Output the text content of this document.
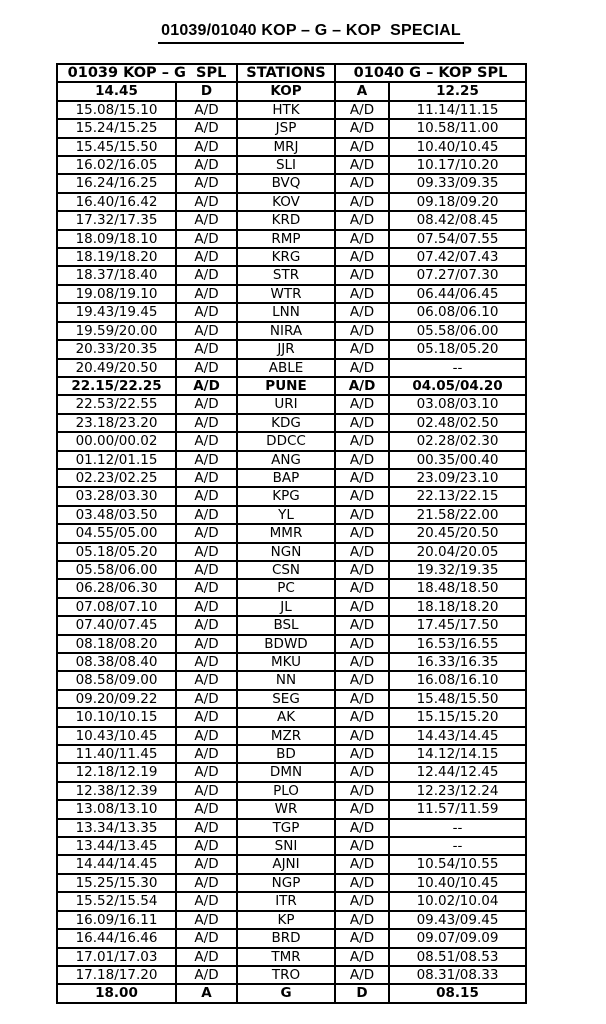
01039/01040 KOP – G – KOP  SPECIAL
01039 KOP – G  SPL		STATIONS	01040 G – KOP SPL	
14.45	D	KOP	A	12.25
15.08/15.10	A/D	HTK	A/D	11.14/11.15
15.24/15.25	A/D	JSP	A/D	10.58/11.00
15.45/15.50	A/D	MRJ	A/D	10.40/10.45
16.02/16.05	A/D	SLI	A/D	10.17/10.20
16.24/16.25	A/D	BVQ	A/D	09.33/09.35
16.40/16.42	A/D	KOV	A/D	09.18/09.20
17.32/17.35	A/D	KRD	A/D	08.42/08.45
18.09/18.10	A/D	RMP	A/D	07.54/07.55
18.19/18.20	A/D	KRG	A/D	07.42/07.43
18.37/18.40	A/D	STR	A/D	07.27/07.30
19.08/19.10	A/D	WTR	A/D	06.44/06.45
19.43/19.45	A/D	LNN	A/D	06.08/06.10
19.59/20.00	A/D	NIRA	A/D	05.58/06.00
20.33/20.35	A/D	JJR	A/D	05.18/05.20
20.49/20.50	A/D	ABLE	A/D	--
22.15/22.25	A/D	PUNE	A/D	04.05/04.20
22.53/22.55	A/D	URI	A/D	03.08/03.10
23.18/23.20	A/D	KDG	A/D	02.48/02.50
00.00/00.02	A/D	DDCC	A/D	02.28/02.30
01.12/01.15	A/D	ANG	A/D	00.35/00.40
02.23/02.25	A/D	BAP	A/D	23.09/23.10
03.28/03.30	A/D	KPG	A/D	22.13/22.15
03.48/03.50	A/D	YL	A/D	21.58/22.00
04.55/05.00	A/D	MMR	A/D	20.45/20.50
05.18/05.20	A/D	NGN	A/D	20.04/20.05
05.58/06.00	A/D	CSN	A/D	19.32/19.35
06.28/06.30	A/D	PC	A/D	18.48/18.50
07.08/07.10	A/D	JL	A/D	18.18/18.20
07.40/07.45	A/D	BSL	A/D	17.45/17.50
08.18/08.20	A/D	BDWD	A/D	16.53/16.55
08.38/08.40	A/D	MKU	A/D	16.33/16.35
08.58/09.00	A/D	NN	A/D	16.08/16.10
09.20/09.22	A/D	SEG	A/D	15.48/15.50
10.10/10.15	A/D	AK	A/D	15.15/15.20
10.43/10.45	A/D	MZR	A/D	14.43/14.45
11.40/11.45	A/D	BD	A/D	14.12/14.15
12.18/12.19	A/D	DMN	A/D	12.44/12.45
12.38/12.39	A/D	PLO	A/D	12.23/12.24
13.08/13.10	A/D	WR	A/D	11.57/11.59
13.34/13.35	A/D	TGP	A/D	--
13.44/13.45	A/D	SNI	A/D	--
14.44/14.45	A/D	AJNI	A/D	10.54/10.55
15.25/15.30	A/D	NGP	A/D	10.40/10.45
15.52/15.54	A/D	ITR	A/D	10.02/10.04
16.09/16.11	A/D	KP	A/D	09.43/09.45
16.44/16.46	A/D	BRD	A/D	09.07/09.09
17.01/17.03	A/D	TMR	A/D	08.51/08.53
17.18/17.20	A/D	TRO	A/D	08.31/08.33
18.00	A	G	D	08.15
